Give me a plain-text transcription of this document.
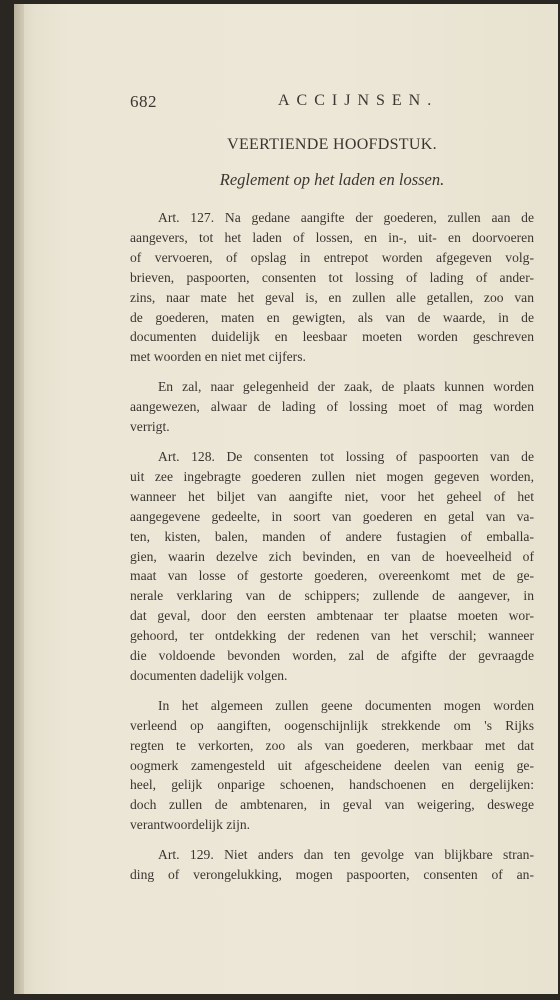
682	ACCIJNSEN.
VEERTIENDE HOOFDSTUK.
Reglement op het laden en lossen.
Art. 127. Na gedane aangifte der goederen, zullen aan de
aangevers, tot het laden of lossen, en in-, uit- en doorvoeren
of vervoeren, of opslag in entrepot worden afgegeven volg-
brieven, paspoorten, consenten tot lossing of lading of ander-
zins, naar mate het geval is, en zullen alle getallen, zoo van
de goederen, maten en gewigten, als van de waarde, in de
documenten duidelijk en leesbaar moeten worden geschreven
met woorden en niet met cijfers.
En zal, naar gelegenheid der zaak, de plaats kunnen worden
aangewezen, alwaar de lading of lossing moet of mag worden
verrigt.
Art. 128. De consenten tot lossing of paspoorten van de
uit zee ingebragte goederen zullen niet mogen gegeven worden,
wanneer het biljet van aangifte niet, voor het geheel of het
aangegevene gedeelte, in soort van goederen en getal van va-
ten, kisten, balen, manden of andere fustagien of emballa-
gien, waarin dezelve zich bevinden, en van de hoeveelheid of
maat van losse of gestorte goederen, overeenkomt met de ge-
nerale verklaring van de schippers; zullende de aangever, in
dat geval, door den eersten ambtenaar ter plaatse moeten wor-
gehoord, ter ontdekking der redenen van het verschil; wanneer
die voldoende bevonden worden, zal de afgifte der gevraagde
documenten dadelijk volgen.
In het algemeen zullen geene documenten mogen worden
verleend op aangiften, oogenschijnlijk strekkende om 's Rijks
regten te verkorten, zoo als van goederen, merkbaar met dat
oogmerk zamengesteld uit afgescheidene deelen van eenig ge-
heel, gelijk onparige schoenen, handschoenen en dergelijken:
doch zullen de ambtenaren, in geval van weigering, deswege
verantwoordelijk zijn.
Art. 129. Niet anders dan ten gevolge van blijkbare stran-
ding of verongelukking, mogen paspoorten, consenten of an-
